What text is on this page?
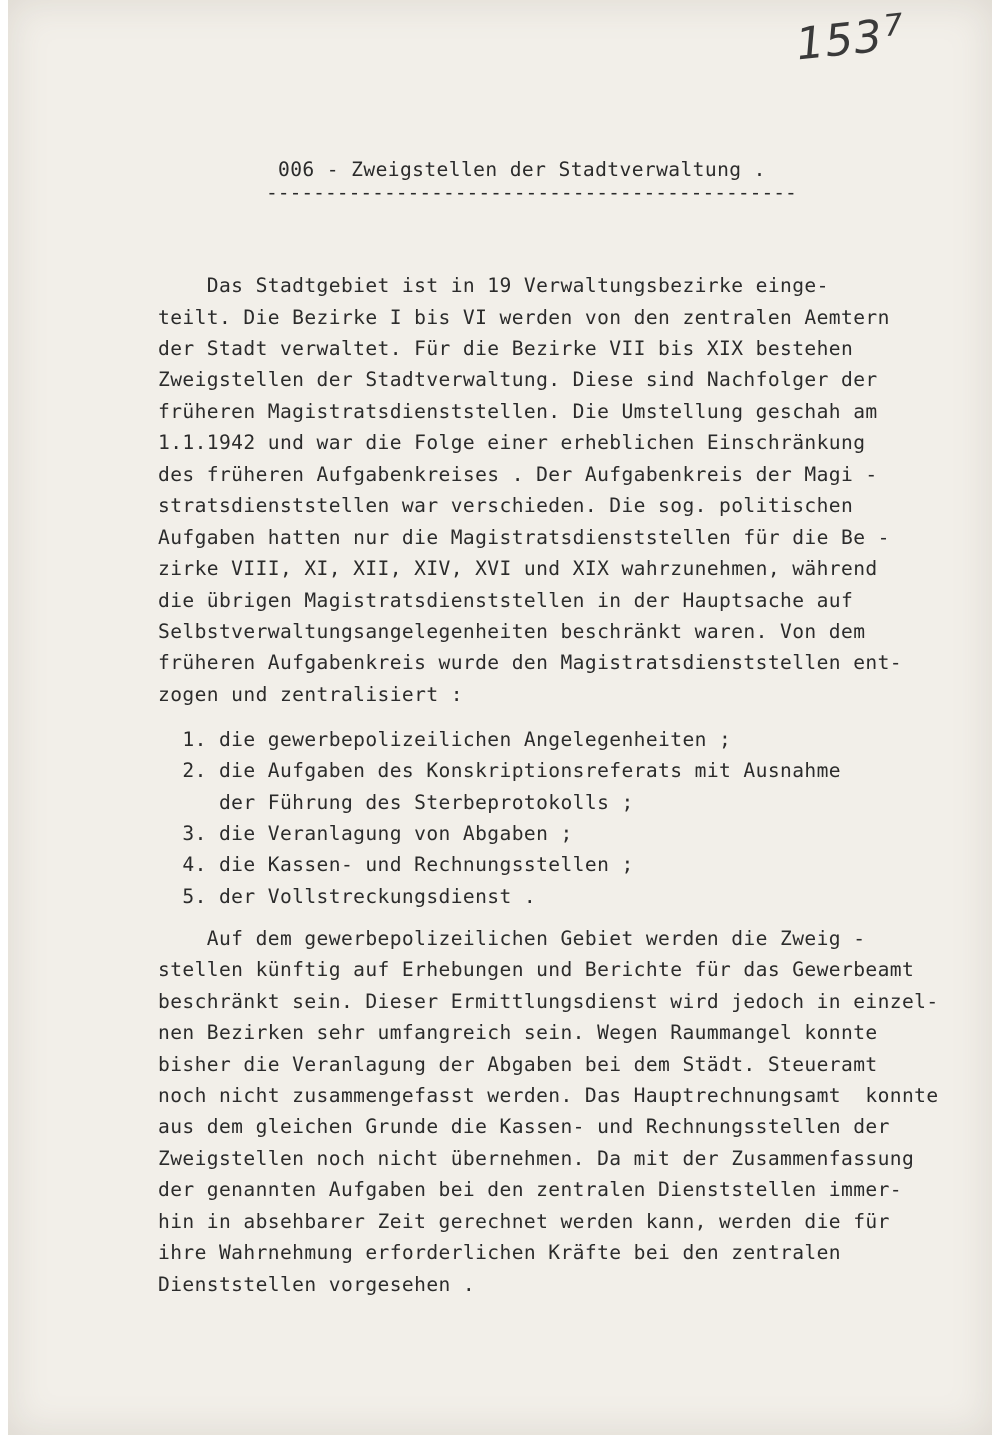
$153^7$
006 - Zweigstellen der Stadtverwaltung .
---------------------------------------------
Das Stadtgebiet ist in 19 Verwaltungsbezirke einge-
teilt. Die Bezirke I bis VI werden von den zentralen Aemtern
der Stadt verwaltet. Für die Bezirke VII bis XIX bestehen
Zweigstellen der Stadtverwaltung. Diese sind Nachfolger der
früheren Magistratsdienststellen. Die Umstellung geschah am
1.1.1942 und war die Folge einer erheblichen Einschränkung
des früheren Aufgabenkreises . Der Aufgabenkreis der Magi -
stratsdienststellen war verschieden. Die sog. politischen
Aufgaben hatten nur die Magistratsdienststellen für die Be -
zirke VIII, XI, XII, XIV, XVI und XIX wahrzunehmen, während
die übrigen Magistratsdienststellen in der Hauptsache auf
Selbstverwaltungsangelegenheiten beschränkt waren. Von dem
früheren Aufgabenkreis wurde den Magistratsdienststellen ent-
zogen und zentralisiert :
1. die gewerbepolizeilichen Angelegenheiten ;
2. die Aufgaben des Konskriptionsreferats mit Ausnahme
der Führung des Sterbeprotokolls ;
3. die Veranlagung von Abgaben ;
4. die Kassen- und Rechnungsstellen ;
5. der Vollstreckungsdienst .
Auf dem gewerbepolizeilichen Gebiet werden die Zweig -
stellen künftig auf Erhebungen und Berichte für das Gewerbeamt
beschränkt sein. Dieser Ermittlungsdienst wird jedoch in einzel-
nen Bezirken sehr umfangreich sein. Wegen Raummangel konnte
bisher die Veranlagung der Abgaben bei dem Städt. Steueramt
noch nicht zusammengefasst werden. Das Hauptrechnungsamt  konnte
aus dem gleichen Grunde die Kassen- und Rechnungsstellen der
Zweigstellen noch nicht übernehmen. Da mit der Zusammenfassung
der genannten Aufgaben bei den zentralen Dienststellen immer-
hin in absehbarer Zeit gerechnet werden kann, werden die für
ihre Wahrnehmung erforderlichen Kräfte bei den zentralen
Dienststellen vorgesehen .
